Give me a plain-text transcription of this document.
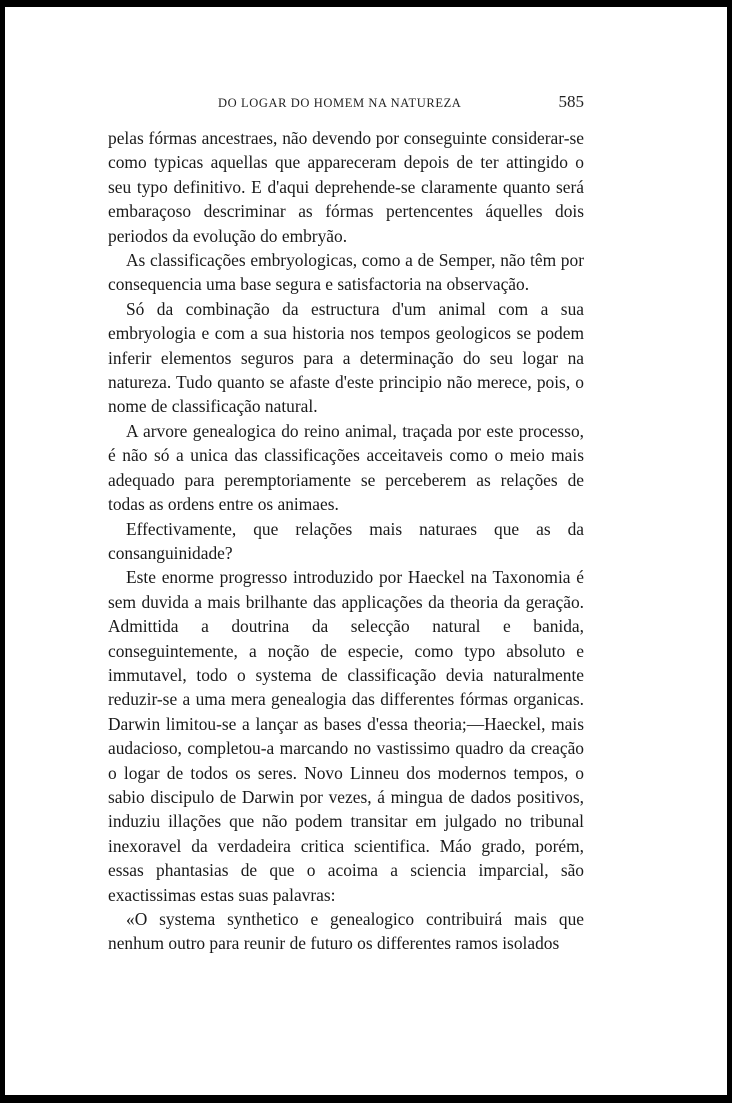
DO LOGAR DO HOMEM NA NATUREZA	585

pelas fórmas ancestraes, não devendo por conseguinte considerar-se como typicas aquellas que appareceram depois de ter attingido o seu typo definitivo. E d'aqui deprehende-se claramente quanto será embaraçoso descriminar as fórmas pertencentes áquelles dois periodos da evolução do embryão.

As classificações embryologicas, como a de Semper, não têm por consequencia uma base segura e satisfactoria na observação.

Só da combinação da estructura d'um animal com a sua embryologia e com a sua historia nos tempos geologicos se podem inferir elementos seguros para a determinação do seu logar na natureza. Tudo quanto se afaste d'este principio não merece, pois, o nome de classificação natural.

A arvore genealogica do reino animal, traçada por este processo, é não só a unica das classificações acceitaveis como o meio mais adequado para peremptoriamente se perceberem as relações de todas as ordens entre os animaes.

Effectivamente, que relações mais naturaes que as da consanguinidade?

Este enorme progresso introduzido por Haeckel na Taxonomia é sem duvida a mais brilhante das applicações da theoria da geração. Admittida a doutrina da selecção natural e banida, conseguintemente, a noção de especie, como typo absoluto e immutavel, todo o systema de classificação devia naturalmente reduzir-se a uma mera genealogia das differentes fórmas organicas. Darwin limitou-se a lançar as bases d'essa theoria;—Haeckel, mais audacioso, completou-a marcando no vastissimo quadro da creação o logar de todos os seres. Novo Linneu dos modernos tempos, o sabio discipulo de Darwin por vezes, á mingua de dados positivos, induziu illações que não podem transitar em julgado no tribunal inexoravel da verdadeira critica scientifica. Máo grado, porém, essas phantasias de que o acoima a sciencia imparcial, são exactissimas estas suas palavras:

«O systema synthetico e genealogico contribuirá mais que nenhum outro para reunir de futuro os differentes ramos isolados
